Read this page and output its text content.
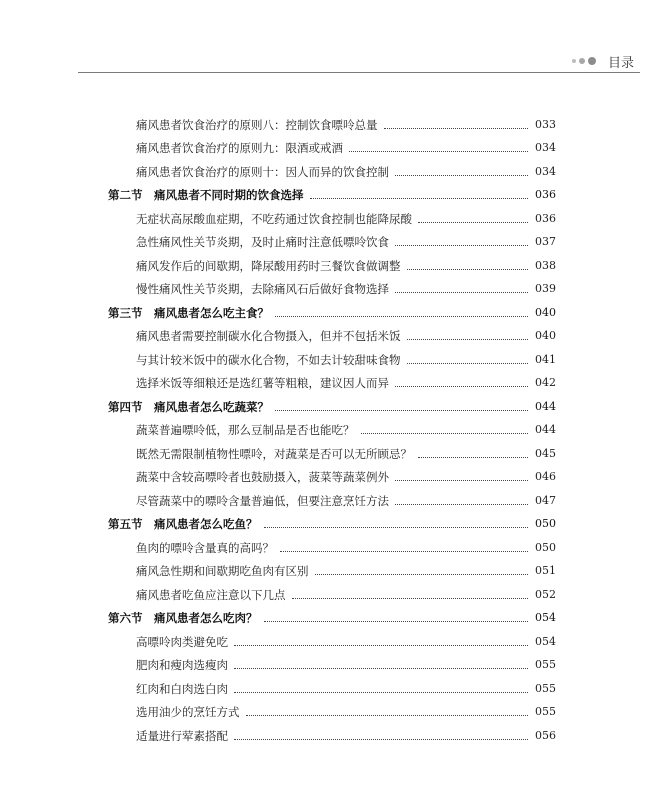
目录
痛风患者饮食治疗的原则八：控制饮食嘌呤总量	033
痛风患者饮食治疗的原则九：限酒或戒酒	034
痛风患者饮食治疗的原则十：因人而异的饮食控制	034
第二节　痛风患者不同时期的饮食选择	036
无症状高尿酸血症期，不吃药通过饮食控制也能降尿酸	036
急性痛风性关节炎期，及时止痛时注意低嘌呤饮食	037
痛风发作后的间歇期，降尿酸用药时三餐饮食做调整	038
慢性痛风性关节炎期，去除痛风石后做好食物选择	039
第三节　痛风患者怎么吃主食？	040
痛风患者需要控制碳水化合物摄入，但并不包括米饭	040
与其计较米饭中的碳水化合物，不如去计较甜味食物	041
选择米饭等细粮还是选红薯等粗粮，建议因人而异	042
第四节　痛风患者怎么吃蔬菜？	044
蔬菜普遍嘌呤低，那么豆制品是否也能吃？	044
既然无需限制植物性嘌呤，对蔬菜是否可以无所顾忌？	045
蔬菜中含较高嘌呤者也鼓励摄入，菠菜等蔬菜例外	046
尽管蔬菜中的嘌呤含量普遍低，但要注意烹饪方法	047
第五节　痛风患者怎么吃鱼？	050
鱼肉的嘌呤含量真的高吗？	050
痛风急性期和间歇期吃鱼肉有区别	051
痛风患者吃鱼应注意以下几点	052
第六节　痛风患者怎么吃肉？	054
高嘌呤肉类避免吃	054
肥肉和瘦肉选瘦肉	055
红肉和白肉选白肉	055
选用油少的烹饪方式	055
适量进行荤素搭配	056
